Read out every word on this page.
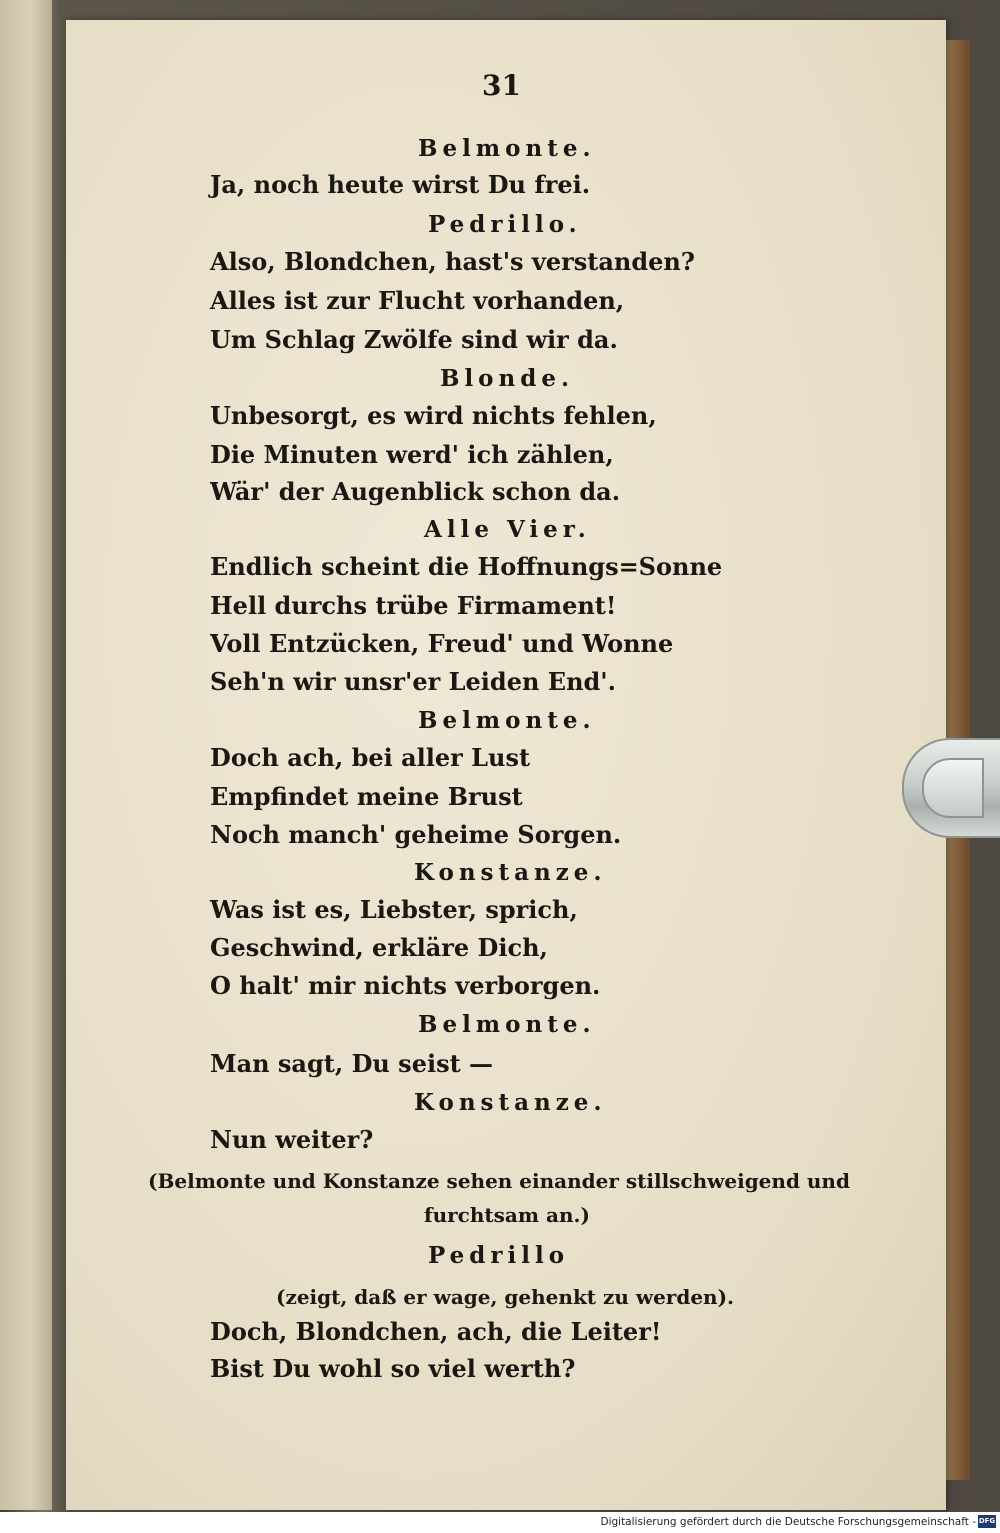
31
Belmonte.
Ja, noch heute wirst Du frei.
Pedrillo.
Also, Blondchen, hast's verstanden?
Alles ist zur Flucht vorhanden,
Um Schlag Zwölfe sind wir da.
Blonde.
Unbesorgt, es wird nichts fehlen,
Die Minuten werd' ich zählen,
Wär' der Augenblick schon da.
Alle Vier.
Endlich scheint die Hoffnungs=Sonne
Hell durchs trübe Firmament!
Voll Entzücken, Freud' und Wonne
Seh'n wir unsr'er Leiden End'.
Belmonte.
Doch ach, bei aller Lust
Empfindet meine Brust
Noch manch' geheime Sorgen.
Konstanze.
Was ist es, Liebster, sprich,
Geschwind, erkläre Dich,
O halt' mir nichts verborgen.
Belmonte.
Man sagt, Du seist —
Konstanze.
Nun weiter?
(Belmonte und Konstanze sehen einander stillschweigend und
furchtsam an.)
Pedrillo
(zeigt, daß er wage, gehenkt zu werden).
Doch, Blondchen, ach, die Leiter!
Bist Du wohl so viel werth?
Digitalisierung gefördert durch die Deutsche Forschungsgemeinschaft - DFG
